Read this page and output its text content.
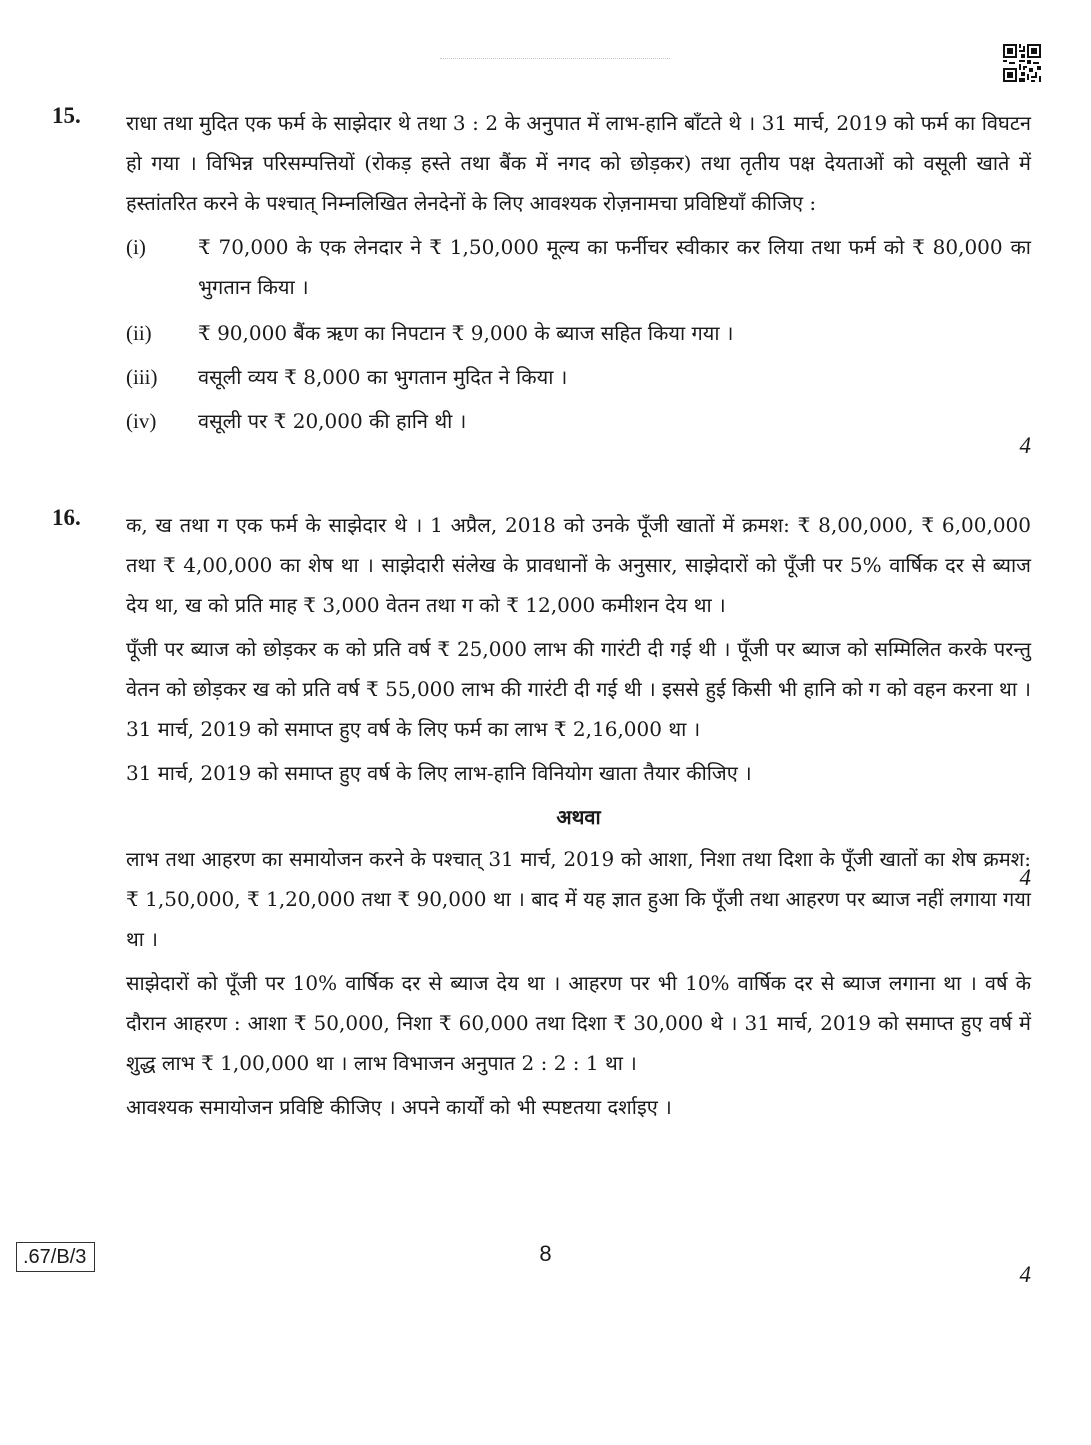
15. राधा तथा मुदित एक फर्म के साझेदार थे तथा 3 : 2 के अनुपात में लाभ-हानि बाँटते थे । 31 मार्च, 2019 को फर्म का विघटन हो गया । विभिन्न परिसम्पत्तियों (रोकड़ हस्ते तथा बैंक में नगद को छोड़कर) तथा तृतीय पक्ष देयताओं को वसूली खाते में हस्तांतरित करने के पश्चात् निम्नलिखित लेनदेनों के लिए आवश्यक रोज़नामचा प्रविष्टियाँ कीजिए :

(i)	₹ 70,000 के एक लेनदार ने ₹ 1,50,000 मूल्य का फर्नीचर स्वीकार कर लिया तथा फर्म को ₹ 80,000 का भुगतान किया ।
(ii)	₹ 90,000 बैंक ऋण का निपटान ₹ 9,000 के ब्याज सहित किया गया ।
(iii)	वसूली व्यय ₹ 8,000 का भुगतान मुदित ने किया ।
(iv)	वसूली पर ₹ 20,000 की हानि थी ।
4
16. क, ख तथा ग एक फर्म के साझेदार थे । 1 अप्रैल, 2018 को उनके पूँजी खातों में क्रमश: ₹ 8,00,000, ₹ 6,00,000 तथा ₹ 4,00,000 का शेष था । साझेदारी संलेख के प्रावधानों के अनुसार, साझेदारों को पूँजी पर 5% वार्षिक दर से ब्याज देय था, ख को प्रति माह ₹ 3,000 वेतन तथा ग को ₹ 12,000 कमीशन देय था ।

पूँजी पर ब्याज को छोड़कर क को प्रति वर्ष ₹ 25,000 लाभ की गारंटी दी गई थी । पूँजी पर ब्याज को सम्मिलित करके परन्तु वेतन को छोड़कर ख को प्रति वर्ष ₹ 55,000 लाभ की गारंटी दी गई थी । इससे हुई किसी भी हानि को ग को वहन करना था । 31 मार्च, 2019 को समाप्त हुए वर्ष के लिए फर्म का लाभ ₹ 2,16,000 था ।

31 मार्च, 2019 को समाप्त हुए वर्ष के लिए लाभ-हानि विनियोग खाता तैयार कीजिए ।

अथवा

लाभ तथा आहरण का समायोजन करने के पश्चात् 31 मार्च, 2019 को आशा, निशा तथा दिशा के पूँजी खातों का शेष क्रमश: ₹ 1,50,000, ₹ 1,20,000 तथा ₹ 90,000 था । बाद में यह ज्ञात हुआ कि पूँजी तथा आहरण पर ब्याज नहीं लगाया गया था ।

साझेदारों को पूँजी पर 10% वार्षिक दर से ब्याज देय था । आहरण पर भी 10% वार्षिक दर से ब्याज लगाना था । वर्ष के दौरान आहरण : आशा ₹ 50,000, निशा ₹ 60,000 तथा दिशा ₹ 30,000 थे । 31 मार्च, 2019 को समाप्त हुए वर्ष में शुद्ध लाभ ₹ 1,00,000 था । लाभ विभाजन अनुपात 2 : 2 : 1 था ।

आवश्यक समायोजन प्रविष्टि कीजिए । अपने कार्यों को भी स्पष्टतया दर्शाइए ।

4
4
.67/B/3	8
